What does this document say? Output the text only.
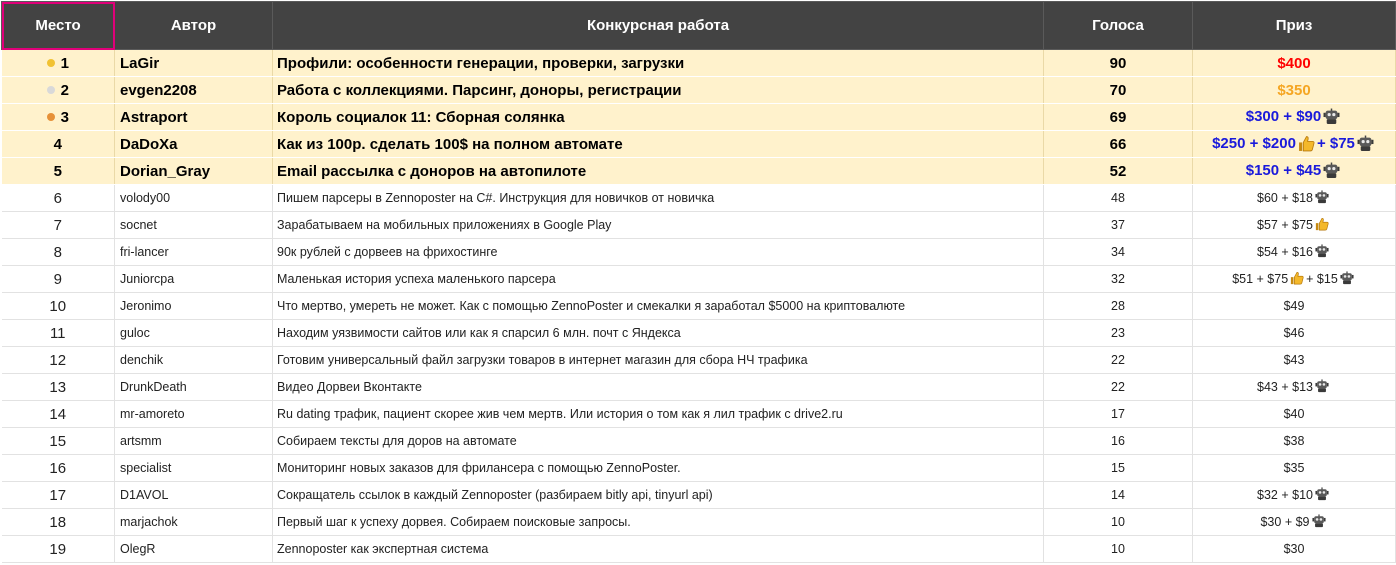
Место	Автор	Конкурсная работа	Голоса	Приз
1	LaGir	Профили: особенности генерации, проверки, загрузки	90	$400
2	evgen2208	Работа с коллекциями. Парсинг, доноры, регистрации	70	$350
3	Astraport	Король социалок 11: Сборная солянка	69	$300 + $90
4	DaDoXa	Как из 100р. сделать 100$ на полном автомате	66	$250 + $200 + $75
5	Dorian_Gray	Email рассылка с доноров на автопилоте	52	$150 + $45
6	volody00	Пишем парсеры в Zennoposter на C#. Инструкция для новичков от новичка	48	$60 + $18
7	socnet	Зарабатываем на мобильных приложениях в Google Play	37	$57 + $75
8	fri-lancer	90к рублей с дорвеев на фрихостинге	34	$54 + $16
9	Juniorcpa	Маленькая история успеха маленького парсера	32	$51 + $75 + $15
10	Jeronimo	Что мертво, умереть не может. Как с помощью ZennoPoster и смекалки я заработал $5000 на криптовалюте	28	$49
11	guloc	Находим уязвимости сайтов или как я спарсил 6 млн. почт с Яндекса	23	$46
12	denchik	Готовим универсальный файл загрузки товаров в интернет магазин для сбора НЧ трафика	22	$43
13	DrunkDeath	Видео Дорвеи Вконтакте	22	$43 + $13
14	mr-amoreto	Ru dating трафик, пациент скорее жив чем мертв. Или история о том как я лил трафик с drive2.ru	17	$40
15	artsmm	Собираем тексты для доров на автомате	16	$38
16	specialist	Мониторинг новых заказов для фрилансера с помощью ZennoPoster.	15	$35
17	D1AVOL	Сокращатель ссылок в каждый Zennoposter (разбираем bitly api, tinyurl api)	14	$32 + $10
18	marjachok	Первый шаг к успеху дорвея. Собираем поисковые запросы.	10	$30 + $9
19	OlegR	Zennoposter как экспертная система	10	$30
